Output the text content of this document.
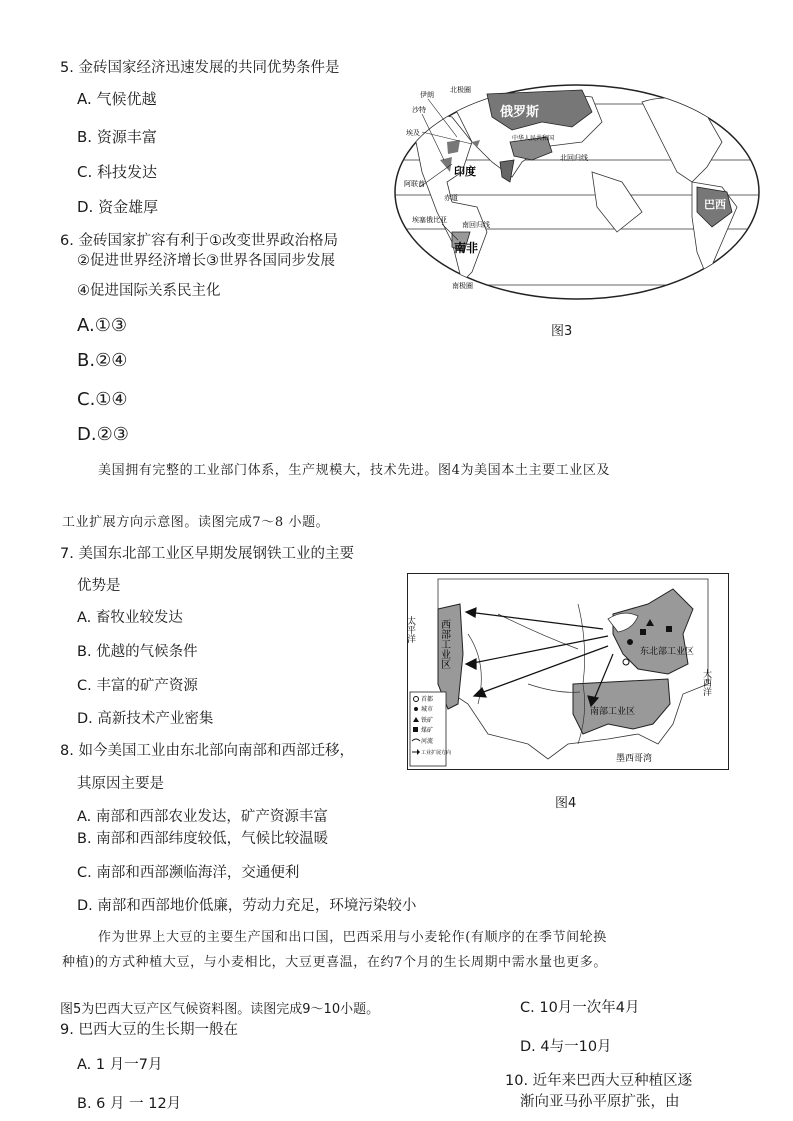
5. 金砖国家经济迅速发展的共同优势条件是
A. 气候优越
B. 资源丰富
C. 科技发达
D. 资金雄厚
6. 金砖国家扩容有利于①改变世界政治格局
②促进世界经济增长③世界各国同步发展
④促进国际关系民主化
A.①③
B.②④
C.①④
D.②③
伊朗
沙特
埃及
阿联酋
埃塞俄比亚
北极圈
俄罗斯
中华人民共和国
印度
北回归线
赤道
南回归线
南非
南极圈
巴西
图3
美国拥有完整的工业部门体系，生产规模大，技术先进。图4为美国本土主要工业区及
工业扩展方向示意图。读图完成7～8 小题。
7. 美国东北部工业区早期发展钢铁工业的主要
优势是
A. 畜牧业较发达
B. 优越的气候条件
C. 丰富的矿产资源
D. 高新技术产业密集
8. 如今美国工业由东北部向南部和西部迁移，
其原因主要是
A. 南部和西部农业发达，矿产资源丰富
B. 南部和西部纬度较低，气候比较温暖
C. 南部和西部濒临海洋，交通便利
D. 南部和西部地价低廉，劳动力充足，环境污染较小
首都
城市
铁矿
煤矿
河流
工业扩展方向
太平洋
大西洋
西部工业区	东北部工业区
南部工业区
墨西哥湾
图4
作为世界上大豆的主要生产国和出口国，巴西采用与小麦轮作(有顺序的在季节间轮换
种植)的方式种植大豆，与小麦相比，大豆更喜温，在约7个月的生长周期中需水量也更多。
图5为巴西大豆产区气候资料图。读图完成9～10小题。
9. 巴西大豆的生长期一般在
A. 1 月一7月
B. 6 月 一 12月
C. 10月一次年4月
D. 4与一10月
10. 近年来巴西大豆种植区逐
渐向亚马孙平原扩张，由
